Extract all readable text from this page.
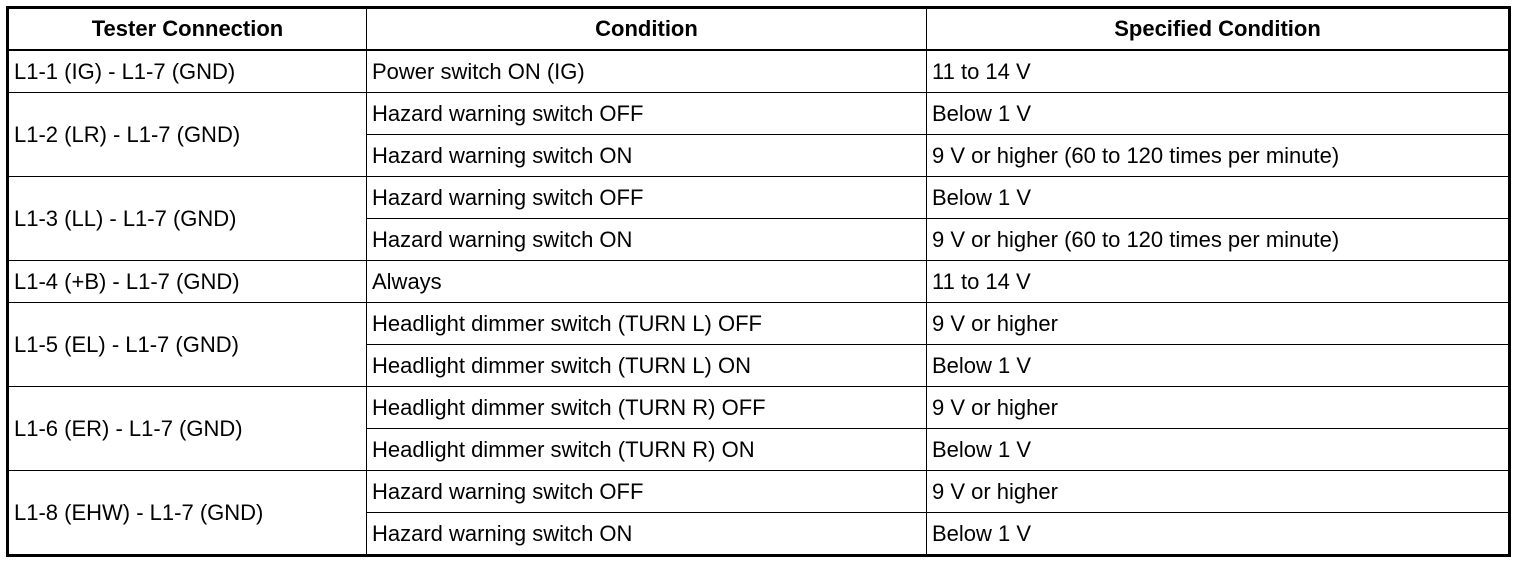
Tester Connection	Condition	Specified Condition
L1-1 (IG) - L1-7 (GND)	Power switch ON (IG)	11 to 14 V
L1-2 (LR) - L1-7 (GND)	Hazard warning switch OFF	Below 1 V
	Hazard warning switch ON	9 V or higher (60 to 120 times per minute)
L1-3 (LL) - L1-7 (GND)	Hazard warning switch OFF	Below 1 V
	Hazard warning switch ON	9 V or higher (60 to 120 times per minute)
L1-4 (+B) - L1-7 (GND)	Always	11 to 14 V
L1-5 (EL) - L1-7 (GND)	Headlight dimmer switch (TURN L) OFF	9 V or higher
	Headlight dimmer switch (TURN L) ON	Below 1 V
L1-6 (ER) - L1-7 (GND)	Headlight dimmer switch (TURN R) OFF	9 V or higher
	Headlight dimmer switch (TURN R) ON	Below 1 V
L1-8 (EHW) - L1-7 (GND)	Hazard warning switch OFF	9 V or higher
	Hazard warning switch ON	Below 1 V
